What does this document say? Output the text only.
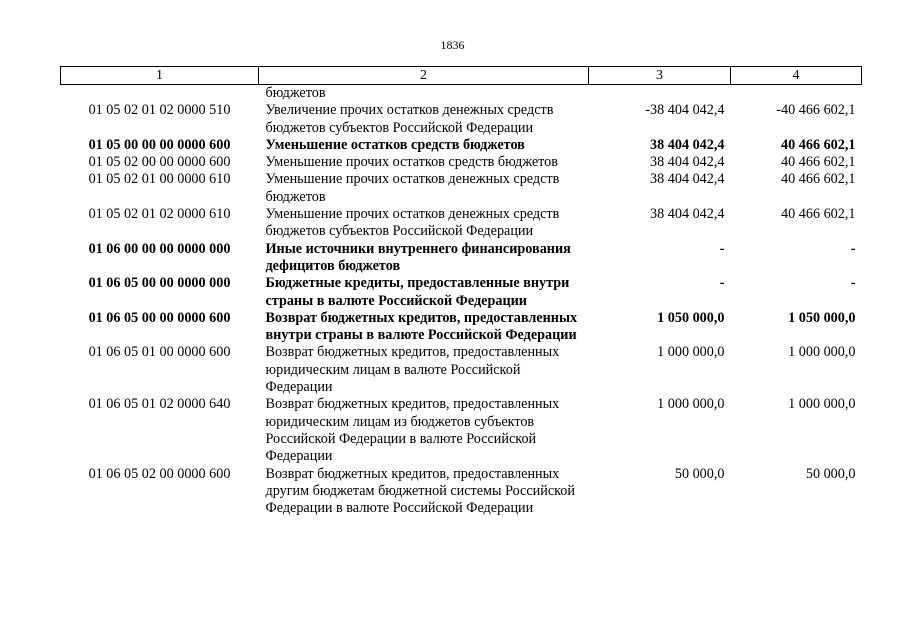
1836
1	2	3	4
	бюджетов		
01 05 02 01 02 0000 510	Увеличение прочих остатков денежных средств бюджетов субъектов Российской Федерации	-38 404 042,4	-40 466 602,1
01 05 00 00 00 0000 600	Уменьшение остатков средств бюджетов	38 404 042,4	40 466 602,1
01 05 02 00 00 0000 600	Уменьшение прочих остатков средств бюджетов	38 404 042,4	40 466 602,1
01 05 02 01 00 0000 610	Уменьшение прочих остатков денежных средств бюджетов	38 404 042,4	40 466 602,1
01 05 02 01 02 0000 610	Уменьшение прочих остатков денежных средств бюджетов субъектов Российской Федерации	38 404 042,4	40 466 602,1
01 06 00 00 00 0000 000	Иные источники внутреннего финансирования дефицитов бюджетов	-	-
01 06 05 00 00 0000 000	Бюджетные кредиты, предоставленные внутри страны в валюте Российской Федерации	-	-
01 06 05 00 00 0000 600	Возврат бюджетных кредитов, предоставленных внутри страны в валюте Российской Федерации	1 050 000,0	1 050 000,0
01 06 05 01 00 0000 600	Возврат бюджетных кредитов, предоставленных юридическим лицам в валюте Российской Федерации	1 000 000,0	1 000 000,0
01 06 05 01 02 0000 640	Возврат бюджетных кредитов, предоставленных юридическим лицам из бюджетов субъектов Российской Федерации в валюте Российской Федерации	1 000 000,0	1 000 000,0
01 06 05 02 00 0000 600	Возврат бюджетных кредитов, предоставленных другим бюджетам бюджетной системы Российской Федерации в валюте Российской Федерации	50 000,0	50 000,0
